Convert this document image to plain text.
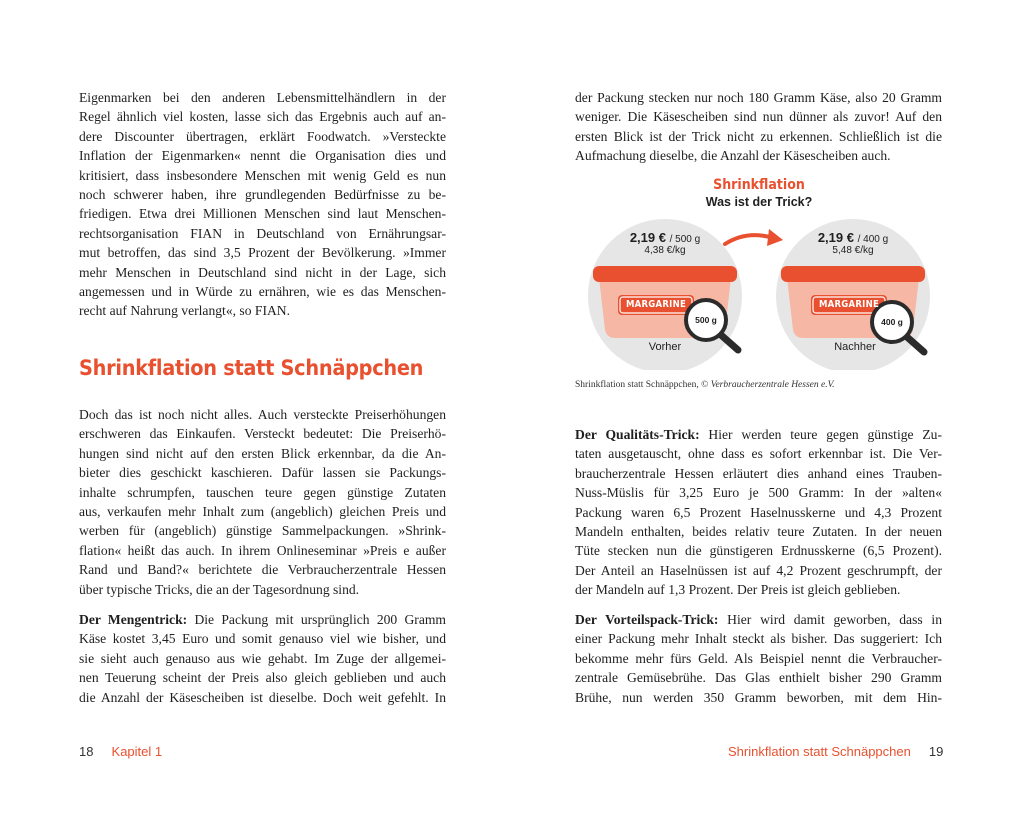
Eigenmarken bei den anderen Lebensmittelhändlern in der
Regel ähnlich viel kosten, lasse sich das Ergebnis auch auf an-
dere Discounter übertragen, erklärt Foodwatch. »Versteckte
Inflation der Eigenmarken« nennt die Organisation dies und
kritisiert, dass insbesondere Menschen mit wenig Geld es nun
noch schwerer haben, ihre grundlegenden Bedürfnisse zu be-
friedigen. Etwa drei Millionen Menschen sind laut Menschen-
rechtsorganisation FIAN in Deutschland von Ernährungsar-
mut betroffen, das sind 3,5 Prozent der Bevölkerung. »Immer
mehr Menschen in Deutschland sind nicht in der Lage, sich
angemessen und in Würde zu ernähren, wie es das Menschen-
recht auf Nahrung verlangt«, so FIAN.
Shrinkflation statt Schnäppchen
Doch das ist noch nicht alles. Auch versteckte Preiserhöhungen
erschweren das Einkaufen. Versteckt bedeutet: Die Preiserhö-
hungen sind nicht auf den ersten Blick erkennbar, da die An-
bieter dies geschickt kaschieren. Dafür lassen sie Packungs-
inhalte schrumpfen, tauschen teure gegen günstige Zutaten
aus, verkaufen mehr Inhalt zum (angeblich) gleichen Preis und
werben für (angeblich) günstige Sammelpackungen. »Shrink-
flation« heißt das auch. In ihrem Onlineseminar »Preis e außer
Rand und Band?« berichtete die Verbraucherzentrale Hessen
über typische Tricks, die an der Tagesordnung sind.
Der Mengentrick: Die Packung mit ursprünglich 200 Gramm
Käse kostet 3,45 Euro und somit genauso viel wie bisher, und
sie sieht auch genauso aus wie gehabt. Im Zuge der allgemei-
nen Teuerung scheint der Preis also gleich geblieben und auch
die Anzahl der Käsescheiben ist dieselbe. Doch weit gefehlt. In
18 Kapitel 1
der Packung stecken nur noch 180 Gramm Käse, also 20 Gramm
weniger. Die Käsescheiben sind nun dünner als zuvor! Auf den
ersten Blick ist der Trick nicht zu erkennen. Schließlich ist die
Aufmachung dieselbe, die Anzahl der Käsescheiben auch.
Shrinkflation
Was ist der Trick?
2,19 € / 500 g
4,38 €/kg
MARGARINE
500 g
Vorher
2,19 € / 400 g
5,48 €/kg
MARGARINE
400 g
Nachher

Shrinkflation statt Schnäppchen, © Verbraucherzentrale Hessen e.V.

Der Qualitäts-Trick: Hier werden teure gegen günstige Zu-
taten ausgetauscht, ohne dass es sofort erkennbar ist. Die Ver-
braucherzentrale Hessen erläutert dies anhand eines Trauben-
Nuss-Müslis für 3,25 Euro je 500 Gramm: In der »alten«
Packung waren 6,5 Prozent Haselnusskerne und 4,3 Prozent
Mandeln enthalten, beides relativ teure Zutaten. In der neuen
Tüte stecken nun die günstigeren Erdnusskerne (6,5 Prozent).
Der Anteil an Haselnüssen ist auf 4,2 Prozent geschrumpft, der
der Mandeln auf 1,3 Prozent. Der Preis ist gleich geblieben.
Der Vorteilspack-Trick: Hier wird damit geworben, dass in
einer Packung mehr Inhalt steckt als bisher. Das suggeriert: Ich
bekomme mehr fürs Geld. Als Beispiel nennt die Verbraucher-
zentrale Gemüsebrühe. Das Glas enthielt bisher 290 Gramm
Brühe, nun werden 350 Gramm beworben, mit dem Hin-
Shrinkflation statt Schnäppchen 19
